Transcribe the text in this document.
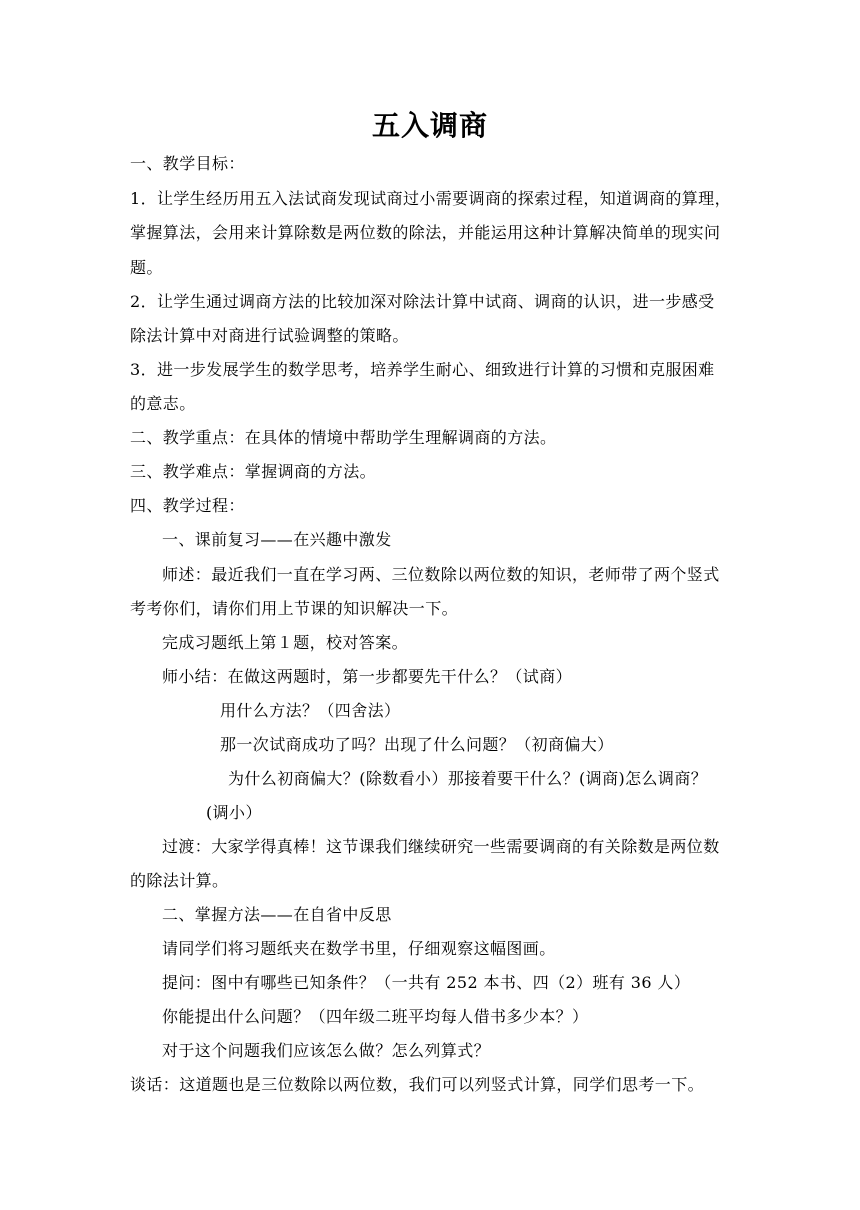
五入调商
一、教学目标：
1．让学生经历用五入法试商发现试商过小需要调商的探索过程，知道调商的算理，
掌握算法，会用来计算除数是两位数的除法，并能运用这种计算解决简单的现实问
题。
2．让学生通过调商方法的比较加深对除法计算中试商、调商的认识，进一步感受
除法计算中对商进行试验调整的策略。
3．进一步发展学生的数学思考，培养学生耐心、细致进行计算的习惯和克服困难
的意志。
二、教学重点：在具体的情境中帮助学生理解调商的方法。
三、教学难点：掌握调商的方法。
四、教学过程：
一、课前复习——在兴趣中激发
师述：最近我们一直在学习两、三位数除以两位数的知识，老师带了两个竖式
考考你们，请你们用上节课的知识解决一下。
完成习题纸上第１题，校对答案。
师小结：在做这两题时，第一步都要先干什么？（试商）
用什么方法？（四舍法）
那一次试商成功了吗？出现了什么问题？（初商偏大）
为什么初商偏大？(除数看小）那接着要干什么？(调商)怎么调商？
(调小）
过渡：大家学得真棒！这节课我们继续研究一些需要调商的有关除数是两位数
的除法计算。
二、掌握方法——在自省中反思
请同学们将习题纸夹在数学书里，仔细观察这幅图画。
提问：图中有哪些已知条件？（一共有 252 本书、四（2）班有 36 人）
你能提出什么问题？（四年级二班平均每人借书多少本？）
对于这个问题我们应该怎么做？怎么列算式？
谈话：这道题也是三位数除以两位数，我们可以列竖式计算，同学们思考一下。
